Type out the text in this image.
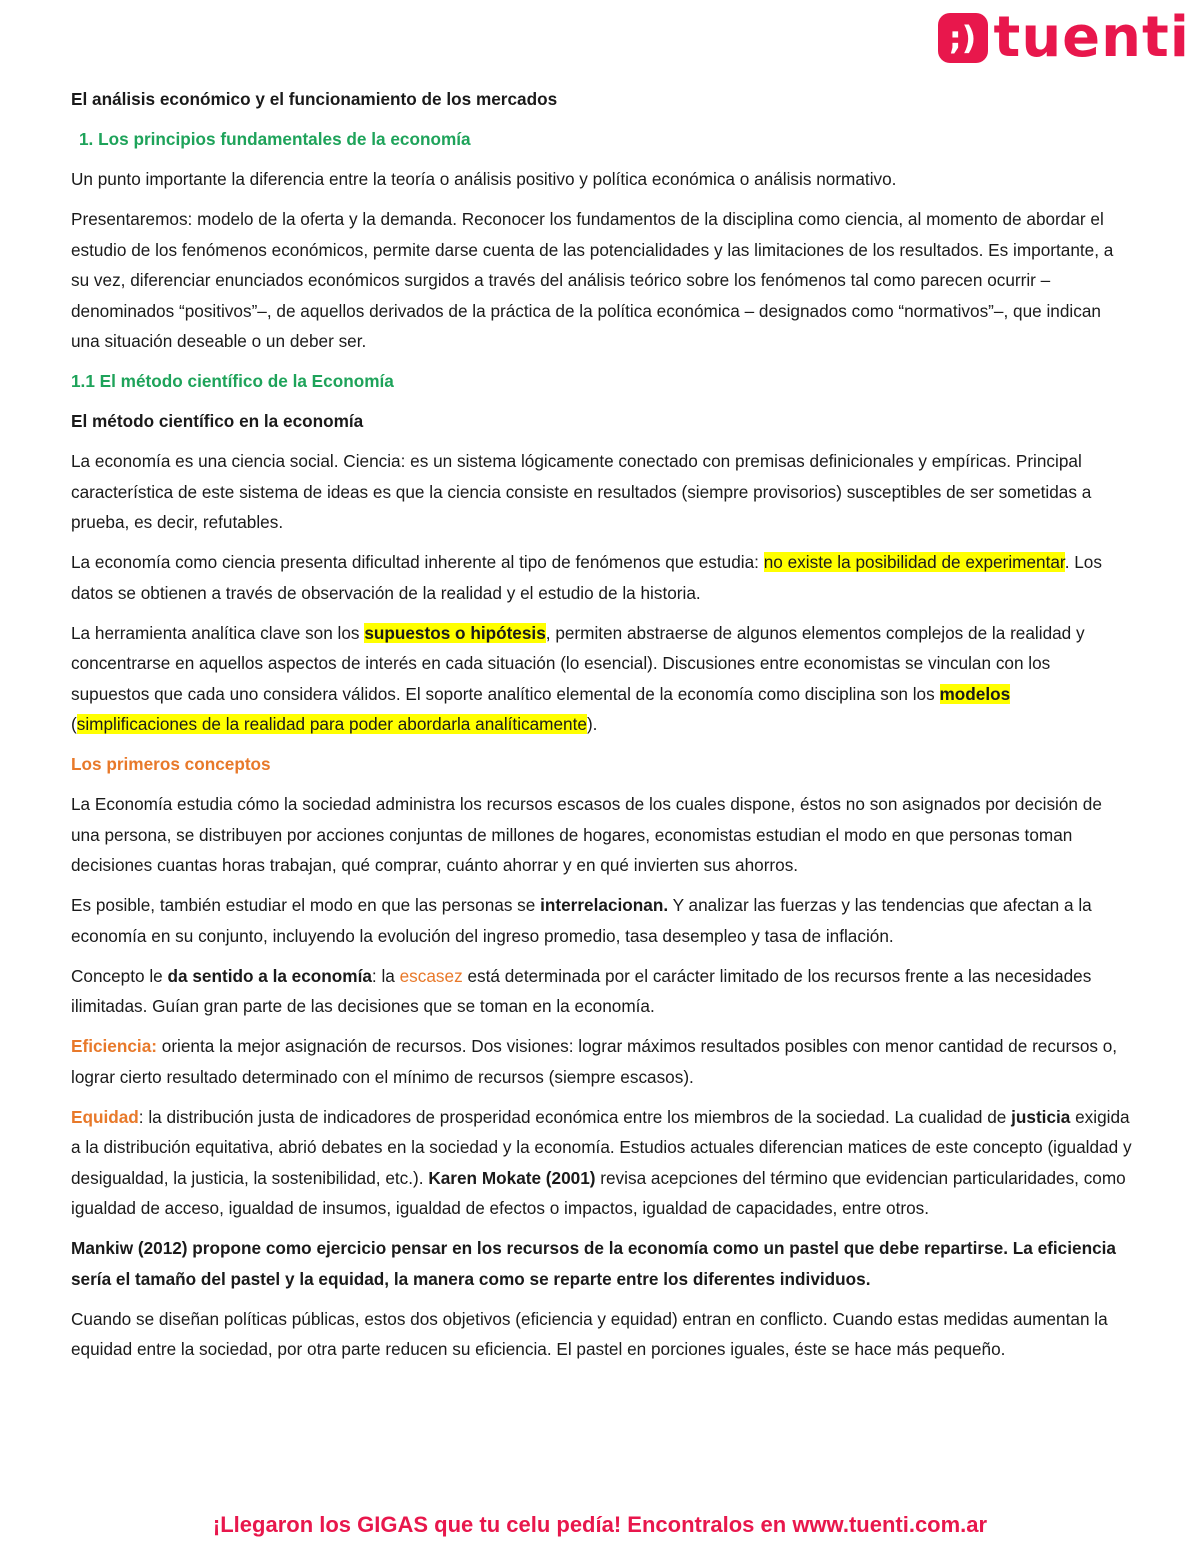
;) tuenti

El análisis económico y el funcionamiento de los mercados

1. Los principios fundamentales de la economía

Un punto importante la diferencia entre la teoría o análisis positivo y política económica o análisis normativo.

Presentaremos: modelo de la oferta y la demanda. Reconocer los fundamentos de la disciplina como ciencia, al momento de abordar el estudio de los fenómenos económicos, permite darse cuenta de las potencialidades y las limitaciones de los resultados. Es importante, a su vez, diferenciar enunciados económicos surgidos a través del análisis teórico sobre los fenómenos tal como parecen ocurrir –denominados “positivos”–, de aquellos derivados de la práctica de la política económica – designados como “normativos”–, que indican una situación deseable o un deber ser.

1.1 El método científico de la Economía

El método científico en la economía

La economía es una ciencia social. Ciencia: es un sistema lógicamente conectado con premisas definicionales y empíricas. Principal característica de este sistema de ideas es que la ciencia consiste en resultados (siempre provisorios) susceptibles de ser sometidas a prueba, es decir, refutables.

La economía como ciencia presenta dificultad inherente al tipo de fenómenos que estudia: no existe la posibilidad de experimentar. Los datos se obtienen a través de observación de la realidad y el estudio de la historia.

La herramienta analítica clave son los supuestos o hipótesis, permiten abstraerse de algunos elementos complejos de la realidad y concentrarse en aquellos aspectos de interés en cada situación (lo esencial). Discusiones entre economistas se vinculan con los supuestos que cada uno considera válidos. El soporte analítico elemental de la economía como disciplina son los modelos (simplificaciones de la realidad para poder abordarla analíticamente).

Los primeros conceptos

La Economía estudia cómo la sociedad administra los recursos escasos de los cuales dispone, éstos no son asignados por decisión de una persona, se distribuyen por acciones conjuntas de millones de hogares, economistas estudian el modo en que personas toman decisiones cuantas horas trabajan, qué comprar, cuánto ahorrar y en qué invierten sus ahorros.

Es posible, también estudiar el modo en que las personas se interrelacionan. Y analizar las fuerzas y las tendencias que afectan a la economía en su conjunto, incluyendo la evolución del ingreso promedio, tasa desempleo y tasa de inflación.

Concepto le da sentido a la economía: la escasez está determinada por el carácter limitado de los recursos frente a las necesidades ilimitadas. Guían gran parte de las decisiones que se toman en la economía.

Eficiencia: orienta la mejor asignación de recursos. Dos visiones: lograr máximos resultados posibles con menor cantidad de recursos o, lograr cierto resultado determinado con el mínimo de recursos (siempre escasos).

Equidad: la distribución justa de indicadores de prosperidad económica entre los miembros de la sociedad. La cualidad de justicia exigida a la distribución equitativa, abrió debates en la sociedad y la economía. Estudios actuales diferencian matices de este concepto (igualdad y desigualdad, la justicia, la sostenibilidad, etc.). Karen Mokate (2001) revisa acepciones del término que evidencian particularidades, como igualdad de acceso, igualdad de insumos, igualdad de efectos o impactos, igualdad de capacidades, entre otros.

Mankiw (2012) propone como ejercicio pensar en los recursos de la economía como un pastel que debe repartirse. La eficiencia sería el tamaño del pastel y la equidad, la manera como se reparte entre los diferentes individuos.

Cuando se diseñan políticas públicas, estos dos objetivos (eficiencia y equidad) entran en conflicto. Cuando estas medidas aumentan la equidad entre la sociedad, por otra parte reducen su eficiencia. El pastel en porciones iguales, éste se hace más pequeño.

¡Llegaron los GIGAS que tu celu pedía! Encontralos en www.tuenti.com.ar
